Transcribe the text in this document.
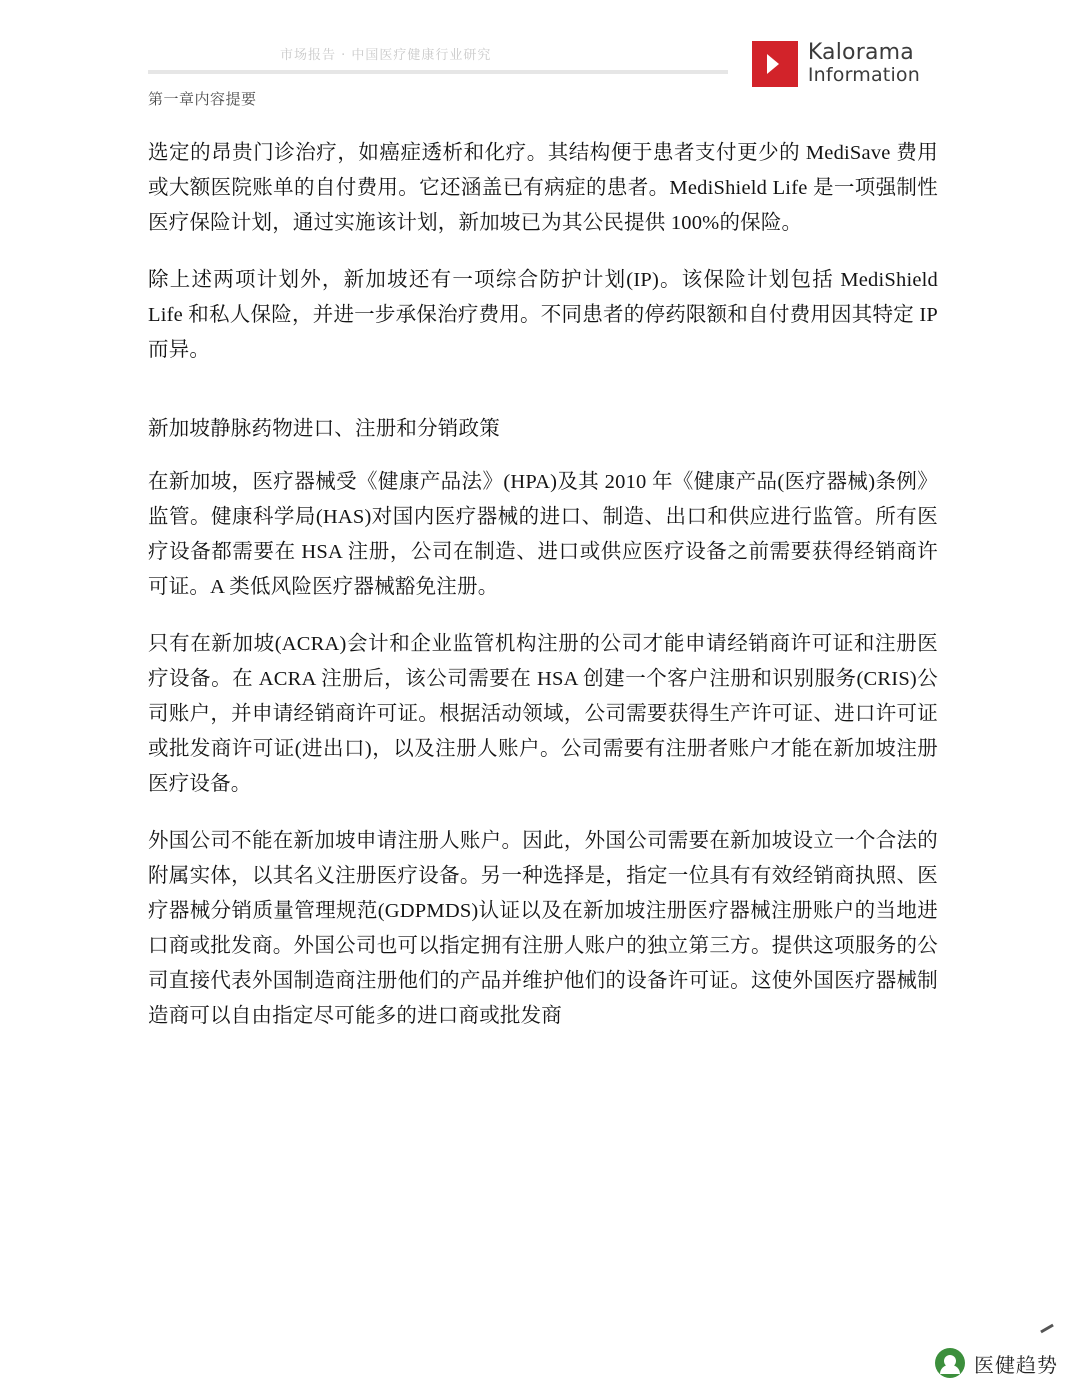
市场报告 · 中国医疗健康行业研究
第一章内容提要
Kalorama
Information

选定的昂贵门诊治疗，如癌症透析和化疗。其结构便于患者支付更少的 MediSave 费用或大额医院账单的自付费用。它还涵盖已有病症的患者。MediShield Life 是一项强制性医疗保险计划，通过实施该计划，新加坡已为其公民提供 100%的保险。

除上述两项计划外，新加坡还有一项综合防护计划(IP)。该保险计划包括 MediShield Life 和私人保险，并进一步承保治疗费用。不同患者的停药限额和自付费用因其特定 IP 而异。

新加坡静脉药物进口、注册和分销政策

在新加坡，医疗器械受《健康产品法》(HPA)及其 2010 年《健康产品(医疗器械)条例》监管。健康科学局(HAS)对国内医疗器械的进口、制造、出口和供应进行监管。所有医疗设备都需要在 HSA 注册，公司在制造、进口或供应医疗设备之前需要获得经销商许可证。A 类低风险医疗器械豁免注册。

只有在新加坡(ACRA)会计和企业监管机构注册的公司才能申请经销商许可证和注册医疗设备。在 ACRA 注册后，该公司需要在 HSA 创建一个客户注册和识别服务(CRIS)公司账户，并申请经销商许可证。根据活动领域，公司需要获得生产许可证、进口许可证或批发商许可证(进出口)，以及注册人账户。公司需要有注册者账户才能在新加坡注册医疗设备。

外国公司不能在新加坡申请注册人账户。因此，外国公司需要在新加坡设立一个合法的附属实体，以其名义注册医疗设备。另一种选择是，指定一位具有有效经销商执照、医疗器械分销质量管理规范(GDPMDS)认证以及在新加坡注册医疗器械注册账户的当地进口商或批发商。外国公司也可以指定拥有注册人账户的独立第三方。提供这项服务的公司直接代表外国制造商注册他们的产品并维护他们的设备许可证。这使外国医疗器械制造商可以自由指定尽可能多的进口商或批发商

医健趋势
